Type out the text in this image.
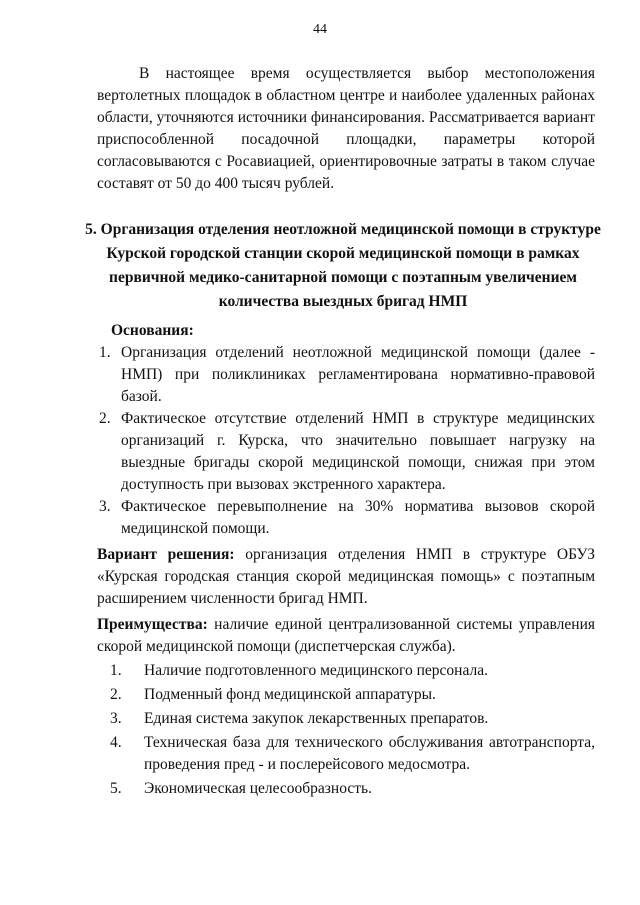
44

В настоящее время осуществляется выбор местоположения вертолетных площадок в областном центре и наиболее удаленных районах области, уточняются источники финансирования. Рассматривается вариант приспособленной посадочной площадки, параметры которой согласовываются с Росавиацией, ориентировочные затраты в таком случае составят от 50 до 400 тысяч рублей.

5. Организация отделения неотложной медицинской помощи в структуре
Курской городской станции скорой медицинской помощи в рамках
первичной медико-санитарной помощи с поэтапным увеличением
количества выездных бригад НМП
Основания:
1. Организация отделений неотложной медицинской помощи (далее - НМП) при поликлиниках регламентирована нормативно-правовой базой.
2. Фактическое отсутствие отделений НМП в структуре медицинских организаций г. Курска, что значительно повышает нагрузку на выездные бригады скорой медицинской помощи, снижая при этом доступность при вызовах экстренного характера.
3. Фактическое перевыполнение на 30% норматива вызовов скорой медицинской помощи.
Вариант решения: организация отделения НМП в структуре ОБУЗ «Курская городская станция скорой медицинская помощь» с поэтапным расширением численности бригад НМП.
Преимущества: наличие единой централизованной системы управления скорой медицинской помощи (диспетчерская служба).
1. Наличие подготовленного медицинского персонала.
2. Подменный фонд медицинской аппаратуры.
3. Единая система закупок лекарственных препаратов.
4. Техническая база для технического обслуживания автотранспорта, проведения пред - и послерейсового медосмотра.
5. Экономическая целесообразность.
